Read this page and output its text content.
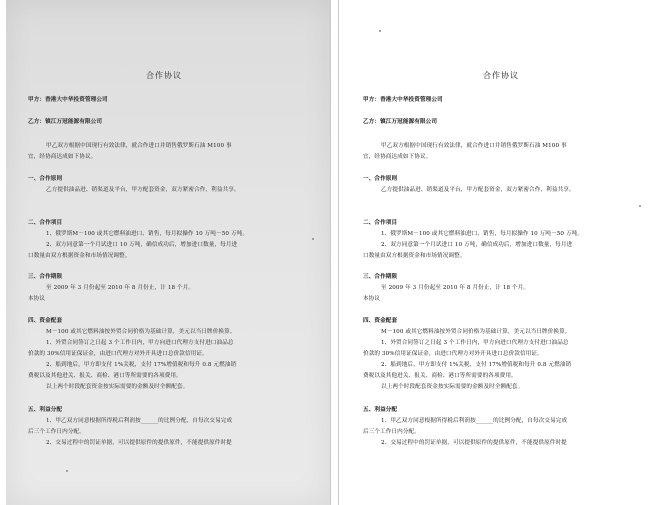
合作协议
甲方：香港大中华投资管理公司
乙方：镇江万冠能源有限公司
甲乙双方根据中国现行有效法律，就合作进口并销售俄罗斯石油 M100 事
宜，经协商达成如下协议。
一、合作原则
乙方提供油品进、销渠道及平台，甲方配套资金，双方紧密合作，利益共享。
二、合作项目
1、俄罗斯M－100 或其它燃料油进口、销售，每月拟操作 10 万吨－50 万吨。
2、双方同意第一个月试进口 10 万吨，确信成功后，增加进口数量，每月进
口数量由双方根据资金和市场情况调整。
三、合作期限
至 2009 年 3 月份起至 2010 年 8 月份止，计 18 个月。
本协议
四、资金配套
M－100 或其它燃料油按外贸合同价格为基础计算，美元以当日牌价换算。
1、外贸合同签订之日起 3 个工作日内，甲方向进口代理方支付进口油品总
价款的 30%信用证保证金，由进口代理方对外开具进口总价款信用证。
2、船到地后，甲方即支付 1%关税，支付 17%增值税和每升 0.8 元燃油销
费税以及其他进关、报关、商检、港口等所需要的各项费用。
以上两个时段配套资金按实际需要的金额及时全额配套。
五、利益分配
1、甲乙双方同意根据所得税后利润按______的比例分配，自每次交易完成
后三个工作日内分配。
2、交易过程中的罚证单据，可以提供原件的提供原件，不能提供原件时提
合作协议
甲方：香港大中华投资管理公司
乙方：镇江万冠能源有限公司
甲乙双方根据中国现行有效法律，就合作进口并销售俄罗斯石油 M100 事
宜，经协商达成如下协议。
一、合作原则
乙方提供油品进、销渠道及平台，甲方配套资金，双方紧密合作，利益共享。
二、合作项目
1、俄罗斯M－100 或其它燃料油进口、销售，每月拟操作 10 万吨－50 万吨。
2、双方同意第一个月试进口 10 万吨，确信成功后，增加进口数量，每月进
口数量由双方根据资金和市场情况调整。
三、合作期限
至 2009 年 3 月份起至 2010 年 8 月份止，计 18 个月。
本协议
四、资金配套
M－100 或其它燃料油按外贸合同价格为基础计算，美元以当日牌价换算。
1、外贸合同签订之日起 3 个工作日内，甲方向进口代理方支付进口油品总
价款的 30%信用证保证金，由进口代理方对外开具进口总价款信用证。
2、船到地后，甲方即支付 1%关税，支付 17%增值税和每升 0.8 元燃油销
费税以及其他进关、报关、商检、港口等所需要的各项费用。
以上两个时段配套资金按实际需要的金额及时全额配套。
五、利益分配
1、甲乙双方同意根据所得税后利润按______的比例分配，自每次交易完成
后三个工作日内分配。
2、交易过程中的罚证单据，可以提供原件的提供原件，不能提供原件时提
